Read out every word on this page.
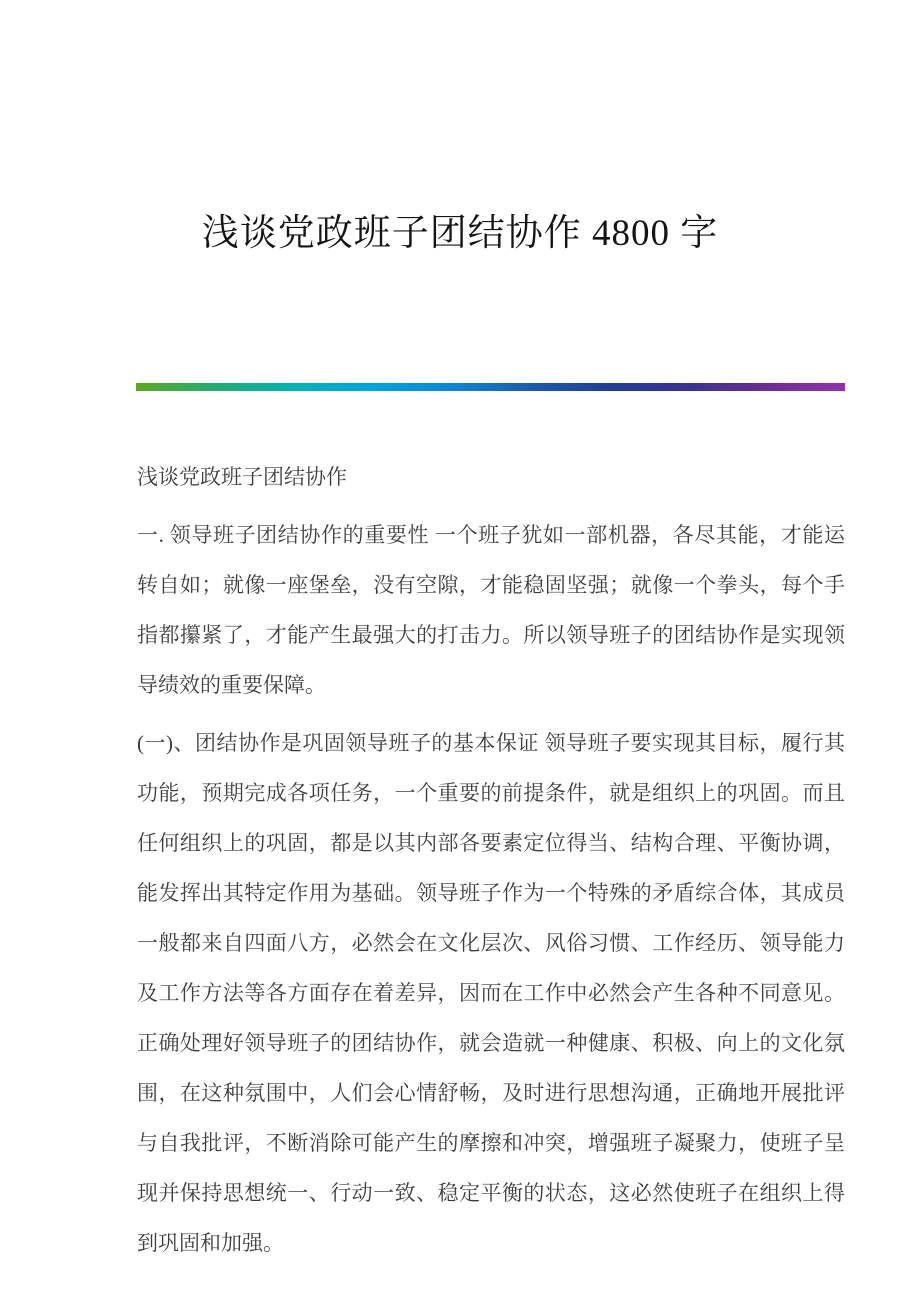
浅谈党政班子团结协作 4800 字

浅谈党政班子团结协作

一. 领导班子团结协作的重要性 一个班子犹如一部机器，各尽其能，才能运转自如；就像一座堡垒，没有空隙，才能稳固坚强；就像一个拳头，每个手指都攥紧了，才能产生最强大的打击力。所以领导班子的团结协作是实现领导绩效的重要保障。

(一)、团结协作是巩固领导班子的基本保证 领导班子要实现其目标，履行其功能，预期完成各项任务，一个重要的前提条件，就是组织上的巩固。而且任何组织上的巩固，都是以其内部各要素定位得当、结构合理、平衡协调，能发挥出其特定作用为基础。领导班子作为一个特殊的矛盾综合体，其成员一般都来自四面八方，必然会在文化层次、风俗习惯、工作经历、领导能力及工作方法等各方面存在着差异，因而在工作中必然会产生各种不同意见。正确处理好领导班子的团结协作，就会造就一种健康、积极、向上的文化氛围，在这种氛围中，人们会心情舒畅，及时进行思想沟通，正确地开展批评与自我批评，不断消除可能产生的摩擦和冲突，增强班子凝聚力，使班子呈现并保持思想统一、行动一致、稳定平衡的状态，这必然使班子在组织上得到巩固和加强。
